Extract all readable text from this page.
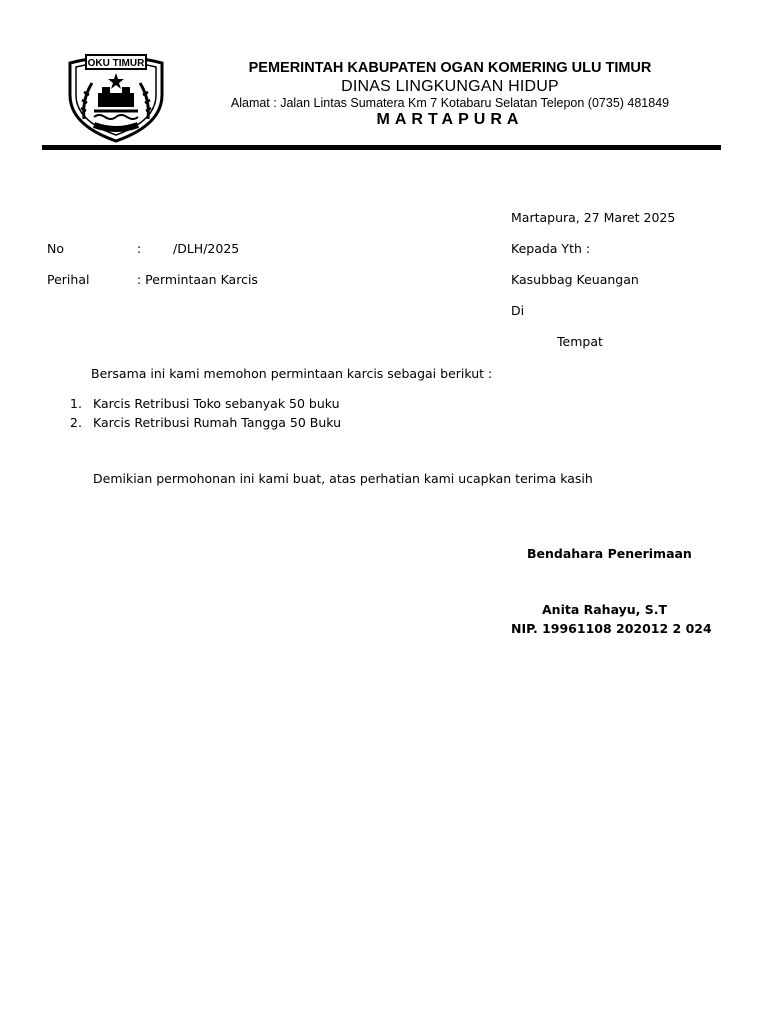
OKU TIMUR	PEMERINTAH KABUPATEN OGAN KOMERING ULU TIMUR
DINAS LINGKUNGAN HIDUP
Alamat : Jalan Lintas Sumatera Km 7 Kotabaru Selatan Telepon (0735) 481849
MARTAPURA
Martapura, 27 Maret 2025
No	:	/DLH/2025
Perihal	: Permintaan Karcis
Kepada Yth :
Kasubbag Keuangan
Di
Tempat
Bersama ini kami memohon permintaan karcis sebagai berikut :
1. Karcis Retribusi Toko sebanyak 50 buku
2. Karcis Retribusi Rumah Tangga 50 Buku
Demikian permohonan ini kami buat, atas perhatian kami ucapkan terima kasih
Bendahara Penerimaan
Anita Rahayu, S.T
NIP. 19961108 202012 2 024
